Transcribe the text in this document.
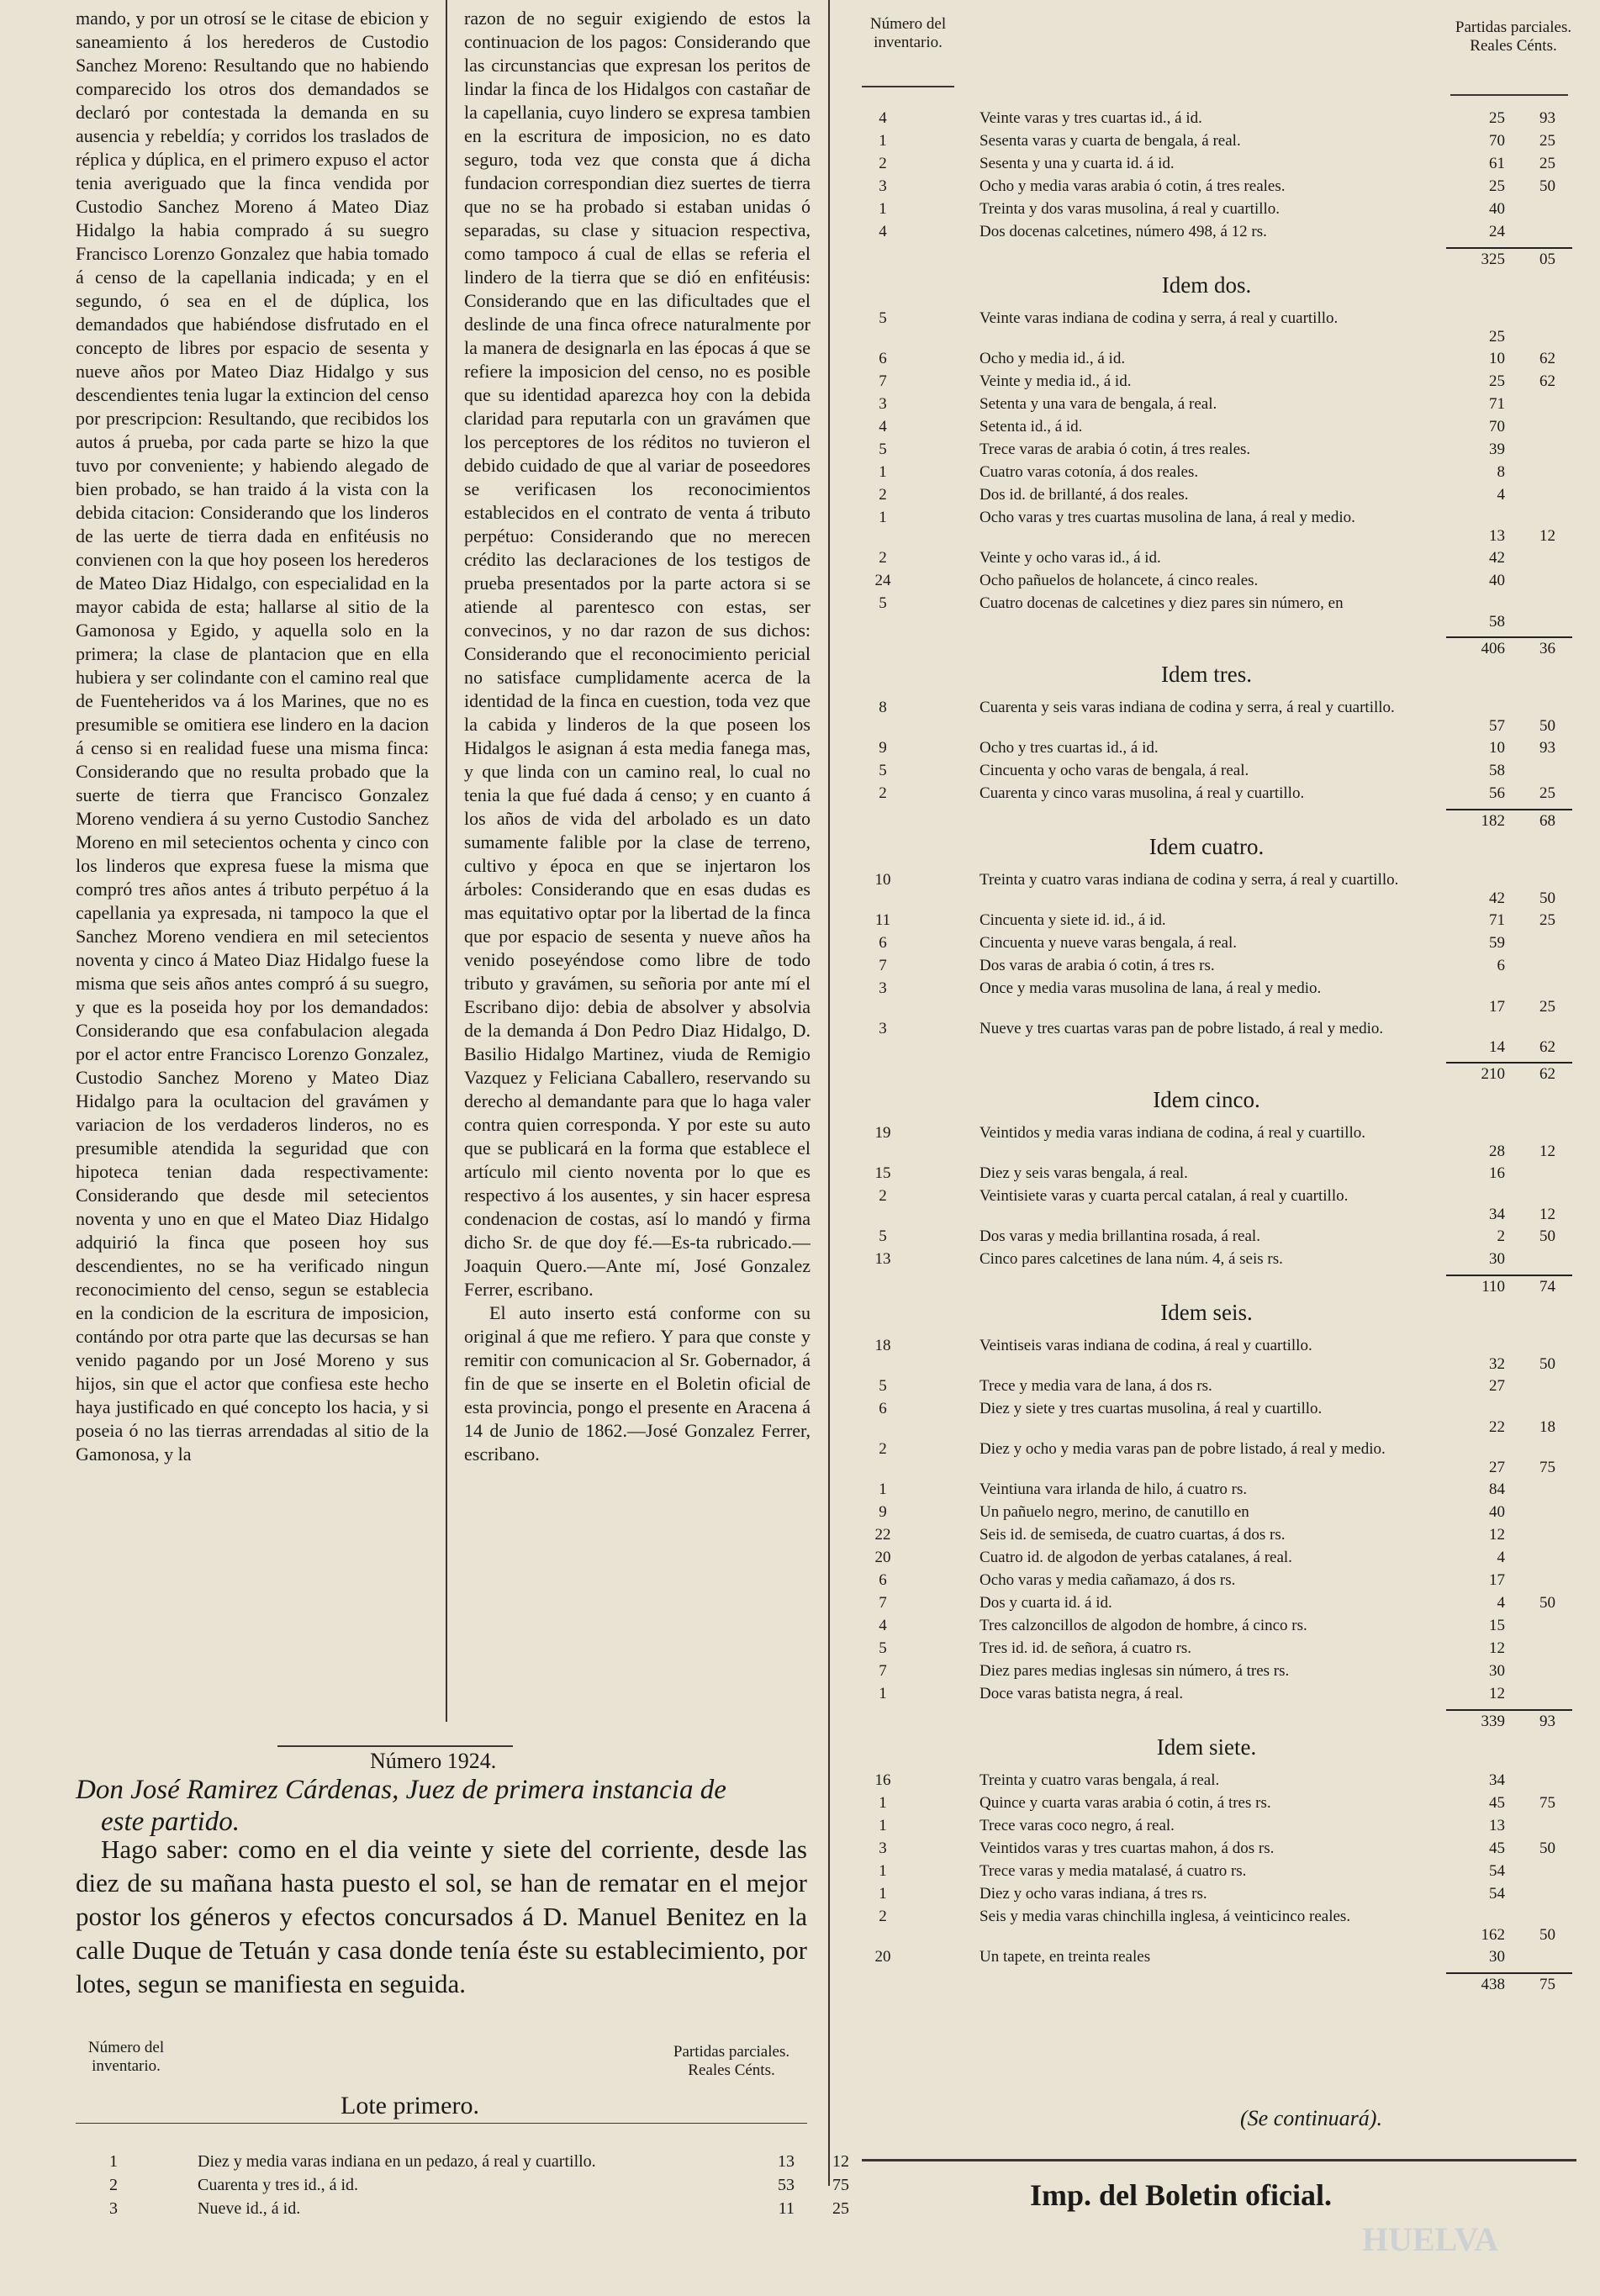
mando, y por un otrosí se le citase de ebicion y saneamiento á los herederos de Custodio Sanchez Moreno: Resultando que no habiendo comparecido los otros dos demandados se declaró por contestada la demanda en su ausencia y rebeldía; y corridos los traslados de réplica y dúplica, en el primero expuso el actor tenia averiguado que la finca vendida por Custodio Sanchez Moreno á Mateo Diaz Hidalgo la habia comprado á su suegro Francisco Lorenzo Gonzalez que habia tomado á censo de la capellania indicada; y en el segundo, ó sea en el de dúplica, los demandados que habiéndose disfrutado en el concepto de libres por espacio de sesenta y nueve años por Mateo Diaz Hidalgo y sus descendientes tenia lugar la extincion del censo por prescripcion: Resultando, que recibidos los autos á prueba, por cada parte se hizo la que tuvo por conveniente; y habiendo alegado de bien probado, se han traido á la vista con la debida citacion: Considerando que los linderos de las uerte de tierra dada en enfitéusis no convienen con la que hoy poseen los herederos de Mateo Diaz Hidalgo, con especialidad en la mayor cabida de esta; hallarse al sitio de la Gamonosa y Egido, y aquella solo en la primera; la clase de plantacion que en ella hubiera y ser colindante con el camino real que de Fuenteheridos va á los Marines, que no es presumible se omitiera ese lindero en la dacion á censo si en realidad fuese una misma finca: Considerando que no resulta probado que la suerte de tierra que Francisco Gonzalez Moreno vendiera á su yerno Custodio Sanchez Moreno en mil setecientos ochenta y cinco con los linderos que expresa fuese la misma que compró tres años antes á tributo perpétuo á la capellania ya expresada, ni tampoco la que el Sanchez Moreno vendiera en mil setecientos noventa y cinco á Mateo Diaz Hidalgo fuese la misma que seis años antes compró á su suegro, y que es la poseida hoy por los demandados: Considerando que esa confabulacion alegada por el actor entre Francisco Lorenzo Gonzalez, Custodio Sanchez Moreno y Mateo Diaz Hidalgo para la ocultacion del gravámen y variacion de los verdaderos linderos, no es presumible atendida la seguridad que con hipoteca tenian dada respectivamente: Considerando que desde mil setecientos noventa y uno en que el Mateo Diaz Hidalgo adquirió la finca que poseen hoy sus descendientes, no se ha verificado ningun reconocimiento del censo, segun se establecia en la condicion de la escritura de imposicion, contándo por otra parte que las decursas se han venido pagando por un José Moreno y sus hijos, sin que el actor que confiesa este hecho haya justificado en qué concepto los hacia, y si poseia ó no las tierras arrendadas al sitio de la Gamonosa, y la

razon de no seguir exigiendo de estos la continuacion de los pagos: Considerando que las circunstancias que expresan los peritos de lindar la finca de los Hidalgos con castañar de la capellania, cuyo lindero se expresa tambien en la escritura de imposicion, no es dato seguro, toda vez que consta que á dicha fundacion correspondian diez suertes de tierra que no se ha probado si estaban unidas ó separadas, su clase y situacion respectiva, como tampoco á cual de ellas se referia el lindero de la tierra que se dió en enfitéusis: Considerando que en las dificultades que el deslinde de una finca ofrece naturalmente por la manera de designarla en las épocas á que se refiere la imposicion del censo, no es posible que su identidad aparezca hoy con la debida claridad para reputarla con un gravámen que los perceptores de los réditos no tuvieron el debido cuidado de que al variar de poseedores se verificasen los reconocimientos establecidos en el contrato de venta á tributo perpétuo: Considerando que no merecen crédito las declaraciones de los testigos de prueba presentados por la parte actora si se atiende al parentesco con estas, ser convecinos, y no dar razon de sus dichos: Considerando que el reconocimiento pericial no satisface cumplidamente acerca de la identidad de la finca en cuestion, toda vez que la cabida y linderos de la que poseen los Hidalgos le asignan á esta media fanega mas, y que linda con un camino real, lo cual no tenia la que fué dada á censo; y en cuanto á los años de vida del arbolado es un dato sumamente falible por la clase de terreno, cultivo y época en que se injertaron los árboles: Considerando que en esas dudas es mas equitativo optar por la libertad de la finca que por espacio de sesenta y nueve años ha venido poseyéndose como libre de todo tributo y gravámen, su señoria por ante mí el Escribano dijo: debia de absolver y absolvia de la demanda á Don Pedro Diaz Hidalgo, D. Basilio Hidalgo Martinez, viuda de Remigio Vazquez y Feliciana Caballero, reservando su derecho al demandante para que lo haga valer contra quien corresponda. Y por este su auto que se publicará en la forma que establece el artículo mil ciento noventa por lo que es respectivo á los ausentes, y sin hacer espresa condenacion de costas, así lo mandó y firma dicho Sr. de que doy fé.—Es-ta rubricado.—Joaquin Quero.—Ante mí, José Gonzalez Ferrer, escribano.

El auto inserto está conforme con su original á que me refiero. Y para que conste y remitir con comunicacion al Sr. Gobernador, á fin de que se inserte en el Boletin oficial de esta provincia, pongo el presente en Aracena á 14 de Junio de 1862.—José Gonzalez Ferrer, escribano.

Número 1924.
Don José Ramirez Cárdenas, Juez de primera instancia de
este partido.

Hago saber: como en el dia veinte y siete del corriente, desde las diez de su mañana hasta puesto el sol, se han de rematar en el mejor postor los géneros y efectos concursados á D. Manuel Benitez en la calle Duque de Tetuán y casa donde tenía éste su establecimiento, por lotes, segun se manifiesta en seguida.

Número del inventario.
Partidas parciales.
Reales Cénts.
Lote primero.
1	Diez y media varas indiana en un pedazo, á real y cuartillo.	13	12
2	Cuarenta y tres id., á id.	53	75
3	Nueve id., á id.	11	25
Número del inventario.
Partidas parciales.
Reales Cénts.
4	Veinte varas y tres cuartas id., á id.	25	93
1	Sesenta varas y cuarta de bengala, á real.	70	25
2	Sesenta y una y cuarta id. á id.	61	25
3	Ocho y media varas arabia ó cotin, á tres reales.	25	50
1	Treinta y dos varas musolina, á real y cuartillo.	40
4	Dos docenas calcetines, número 498, á 12 rs.	24
325	05
Idem dos.
5	Veinte varas indiana de codina y serra, á real y cuartillo.
25
6	Ocho y media id., á id.	10	62
7	Veinte y media id., á id.	25	62
3	Setenta y una vara de bengala, á real.	71
4	Setenta id., á id.	70
5	Trece varas de arabia ó cotin, á tres reales.	39
1	Cuatro varas cotonía, á dos reales.	8
2	Dos id. de brillanté, á dos reales.	4
1	Ocho varas y tres cuartas musolina de lana, á real y medio.
13	12
2	Veinte y ocho varas id., á id.	42
24	Ocho pañuelos de holancete, á cinco reales.	40
5	Cuatro docenas de calcetines y diez pares sin número, en
58
406	36
Idem tres.
8	Cuarenta y seis varas indiana de codina y serra, á real y cuartillo.
57	50
9	Ocho y tres cuartas id., á id.	10	93
5	Cincuenta y ocho varas de bengala, á real.	58
2	Cuarenta y cinco varas musolina, á real y cuartillo.	56	25
182	68
Idem cuatro.
10	Treinta y cuatro varas indiana de codina y serra, á real y cuartillo.
42	50
11	Cincuenta y siete id. id., á id.	71	25
6	Cincuenta y nueve varas bengala, á real.	59
7	Dos varas de arabia ó cotin, á tres rs.	6
3	Once y media varas musolina de lana, á real y medio.
17	25
3	Nueve y tres cuartas varas pan de pobre listado, á real y medio.
14	62
210	62
Idem cinco.
19	Veintidos y media varas indiana de codina, á real y cuartillo.
28	12
15	Diez y seis varas bengala, á real.	16
2	Veintisiete varas y cuarta percal catalan, á real y cuartillo.
34	12
5	Dos varas y media brillantina rosada, á real.	2	50
13	Cinco pares calcetines de lana núm. 4, á seis rs.	30
110	74
Idem seis.
18	Veintiseis varas indiana de codina, á real y cuartillo.
32	50
5	Trece y media vara de lana, á dos rs.	27
6	Diez y siete y tres cuartas musolina, á real y cuartillo.
22	18
2	Diez y ocho y media varas pan de pobre listado, á real y medio.
27	75
1	Veintiuna vara irlanda de hilo, á cuatro rs.	84
9	Un pañuelo negro, merino, de canutillo en	40
22	Seis id. de semiseda, de cuatro cuartas, á dos rs.	12
20	Cuatro id. de algodon de yerbas catalanes, á real.	4
6	Ocho varas y media cañamazo, á dos rs.	17
7	Dos y cuarta id. á id.	4	50
4	Tres calzoncillos de algodon de hombre, á cinco rs.	15
5	Tres id. id. de señora, á cuatro rs.	12
7	Diez pares medias inglesas sin número, á tres rs.	30
1	Doce varas batista negra, á real.	12
339	93
Idem siete.
16	Treinta y cuatro varas bengala, á real.	34
1	Quince y cuarta varas arabia ó cotin, á tres rs.	45	75
1	Trece varas coco negro, á real.	13
3	Veintidos varas y tres cuartas mahon, á dos rs.	45	50
1	Trece varas y media matalasé, á cuatro rs.	54
1	Diez y ocho varas indiana, á tres rs.	54
2	Seis y media varas chinchilla inglesa, á veinticinco reales.
162	50
20	Un tapete, en treinta reales	30
438	75
(Se continuará).
Imp. del Boletin oficial.
HUELVA
